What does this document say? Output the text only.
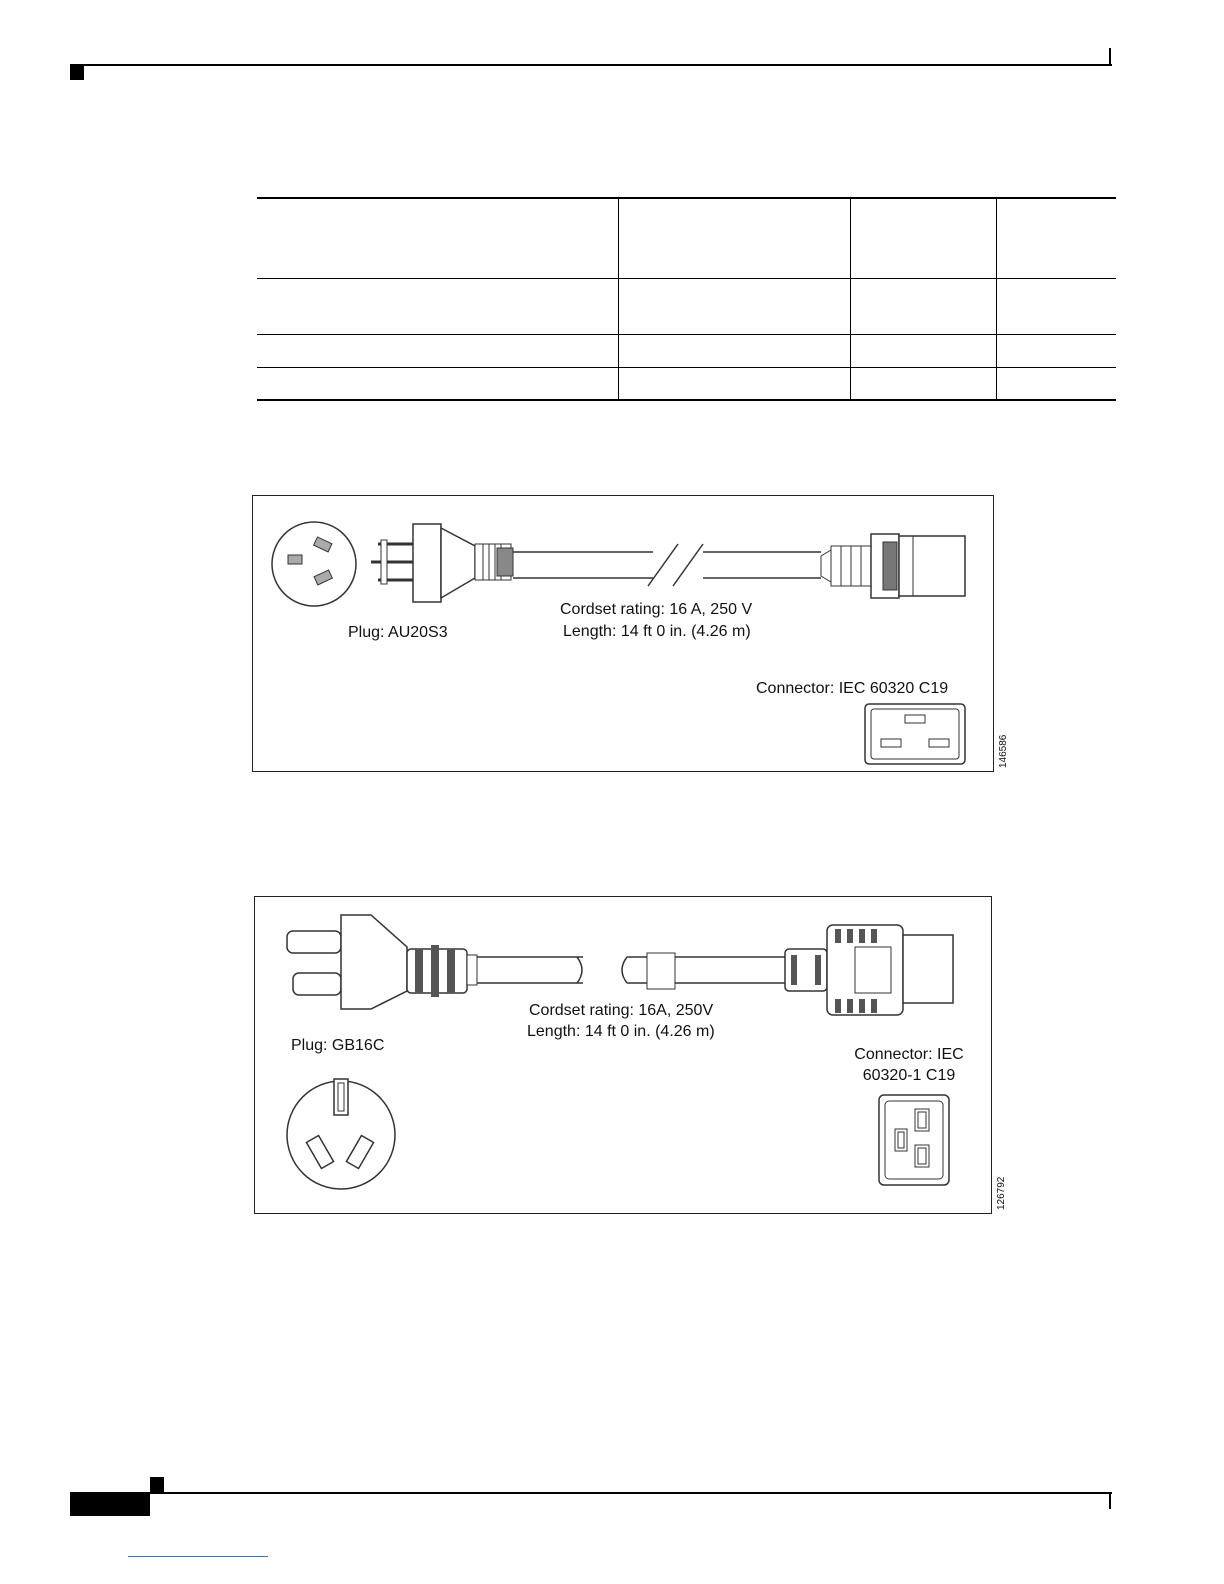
Plug: AU20S3
Cordset rating: 16 A, 250 V
Length: 14 ft 0 in. (4.26 m)
Connector: IEC 60320 C19
146586
Plug: GB16C
Cordset rating: 16A, 250V
Length: 14 ft 0 in. (4.26 m)
Connector: IEC
60320-1 C19
126792
